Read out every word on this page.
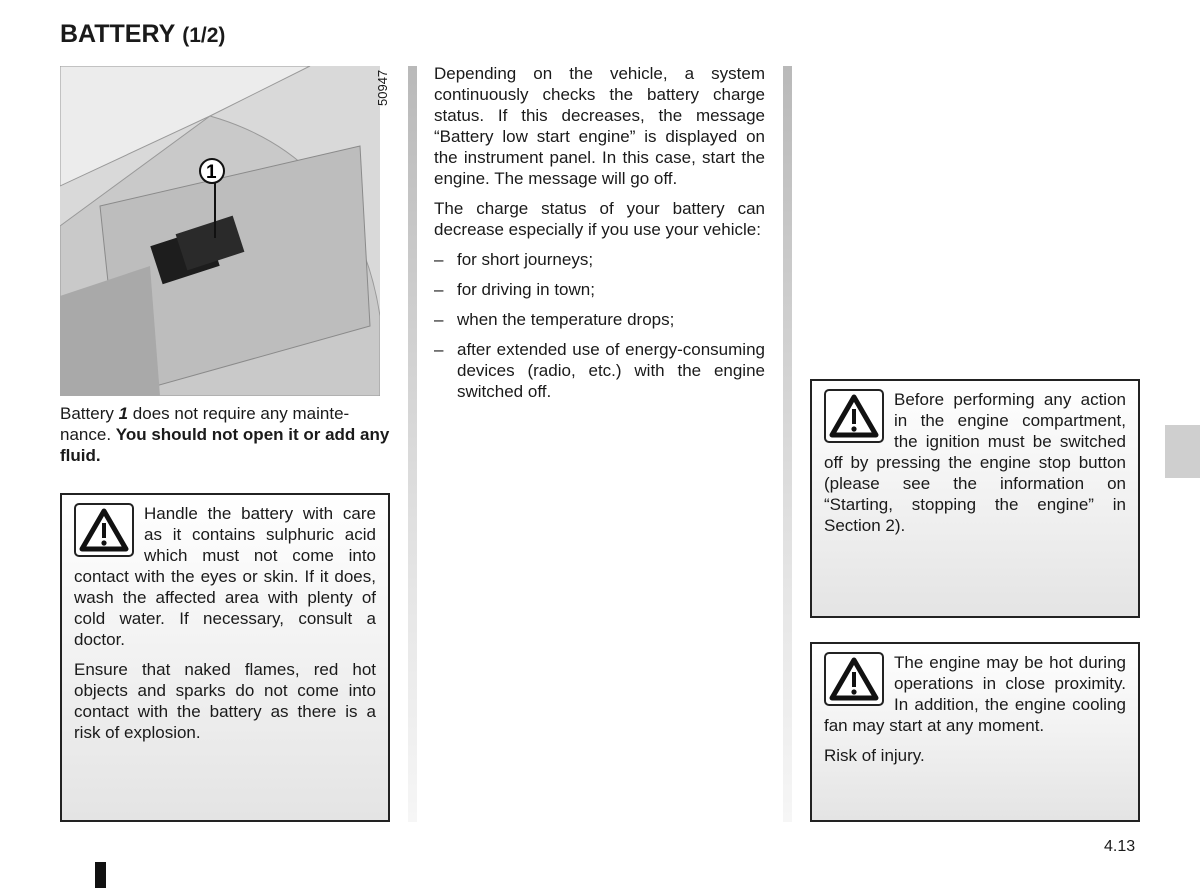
BATTERY (1/2)
1
50947

Battery 1 does not require any maintenance. You should not open it or add any fluid.

Handle the battery with care as it contains sulphuric acid which must not come into contact with the eyes or skin. If it does, wash the affected area with plenty of cold water. If necessary, consult a doctor.

Ensure that naked flames, red hot objects and sparks do not come into contact with the battery as there is a risk of explosion.

Depending on the vehicle, a system continuously checks the battery charge status. If this decreases, the message “Battery low start engine” is displayed on the instrument panel. In this case, start the engine. The message will go off.

The charge status of your battery can decrease especially if you use your vehicle:

– for short journeys;
– for driving in town;
– when the temperature drops;
– after extended use of energy-consuming devices (radio, etc.) with the engine switched off.	Before performing any action in the engine compartment, the ignition must be switched off by pressing the engine stop button (please see the information on “Starting, stopping the engine” in Section 2).

The engine may be hot during operations in close proximity. In addition, the engine cooling fan may start at any moment.

Risk of injury.

4.13
